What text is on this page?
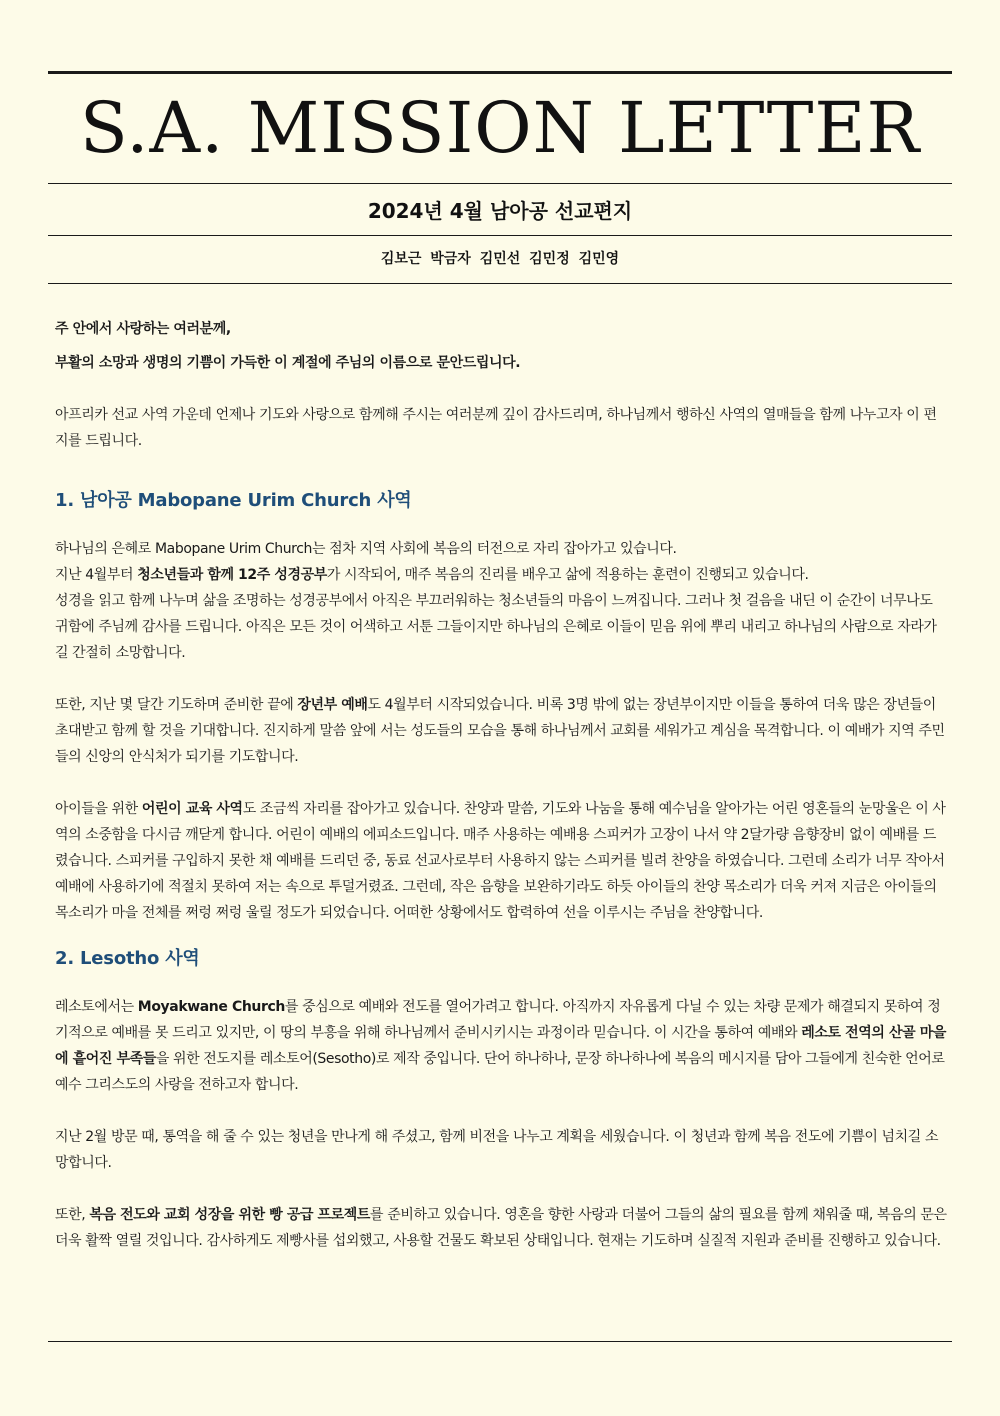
S.A. MISSION LETTER
2024년 4월 남아공 선교편지
김보근 박금자 김민선 김민정 김민영

주 안에서 사랑하는 여러분께,

부활의 소망과 생명의 기쁨이 가득한 이 계절에 주님의 이름으로 문안드립니다.

아프리카 선교 사역 가운데 언제나 기도와 사랑으로 함께해 주시는 여러분께 깊이 감사드리며, 하나님께서 행하신 사역의 열매들을 함께 나누고자 이 편지를 드립니다.

1. 남아공 Mabopane Urim Church 사역

하나님의 은혜로 Mabopane Urim Church는 점차 지역 사회에 복음의 터전으로 자리 잡아가고 있습니다.

지난 4월부터 청소년들과 함께 12주 성경공부가 시작되어, 매주 복음의 진리를 배우고 삶에 적용하는 훈련이 진행되고 있습니다.

성경을 읽고 함께 나누며 삶을 조명하는 성경공부에서 아직은 부끄러워하는 청소년들의 마음이 느껴집니다. 그러나 첫 걸음을 내딘 이 순간이 너무나도 귀함에 주님께 감사를 드립니다. 아직은 모든 것이 어색하고 서툰 그들이지만 하나님의 은혜로 이들이 믿음 위에 뿌리 내리고 하나님의 사람으로 자라가길 간절히 소망합니다.

또한, 지난 몇 달간 기도하며 준비한 끝에 장년부 예배도 4월부터 시작되었습니다. 비록 3명 밖에 없는 장년부이지만 이들을 통하여 더욱 많은 장년들이 초대받고 함께 할 것을 기대합니다. 진지하게 말씀 앞에 서는 성도들의 모습을 통해 하나님께서 교회를 세워가고 계심을 목격합니다. 이 예배가 지역 주민들의 신앙의 안식처가 되기를 기도합니다.

아이들을 위한 어린이 교육 사역도 조금씩 자리를 잡아가고 있습니다. 찬양과 말씀, 기도와 나눔을 통해 예수님을 알아가는 어린 영혼들의 눈망울은 이 사역의 소중함을 다시금 깨닫게 합니다. 어린이 예배의 에피소드입니다. 매주 사용하는 예배용 스피커가 고장이 나서 약 2달가량 음향장비 없이 예배를 드렸습니다. 스피커를 구입하지 못한 채 예배를 드리던 중, 동료 선교사로부터 사용하지 않는 스피커를 빌려 찬양을 하였습니다. 그런데 소리가 너무 작아서 예배에 사용하기에 적절치 못하여 저는 속으로 투덜거렸죠. 그런데, 작은 음향을 보완하기라도 하듯 아이들의 찬양 목소리가 더욱 커져 지금은 아이들의 목소리가 마을 전체를 쩌렁 쩌렁 울릴 정도가 되었습니다. 어떠한 상황에서도 합력하여 선을 이루시는 주님을 찬양합니다.

2. Lesotho 사역

레소토에서는 Moyakwane Church를 중심으로 예배와 전도를 열어가려고 합니다. 아직까지 자유롭게 다닐 수 있는 차량 문제가 해결되지 못하여 정기적으로 예배를 못 드리고 있지만, 이 땅의 부흥을 위해 하나님께서 준비시키시는 과정이라 믿습니다. 이 시간을 통하여 예배와 레소토 전역의 산골 마을에 흩어진 부족들을 위한 전도지를 레소토어(Sesotho)로 제작 중입니다. 단어 하나하나, 문장 하나하나에 복음의 메시지를 담아 그들에게 친숙한 언어로 예수 그리스도의 사랑을 전하고자 합니다.

지난 2월 방문 때, 통역을 해 줄 수 있는 청년을 만나게 해 주셨고, 함께 비전을 나누고 계획을 세웠습니다. 이 청년과 함께 복음 전도에 기쁨이 넘치길 소망합니다.

또한, 복음 전도와 교회 성장을 위한 빵 공급 프로젝트를 준비하고 있습니다. 영혼을 향한 사랑과 더불어 그들의 삶의 필요를 함께 채워줄 때, 복음의 문은 더욱 활짝 열릴 것입니다. 감사하게도 제빵사를 섭외했고, 사용할 건물도 확보된 상태입니다. 현재는 기도하며 실질적 지원과 준비를 진행하고 있습니다.
